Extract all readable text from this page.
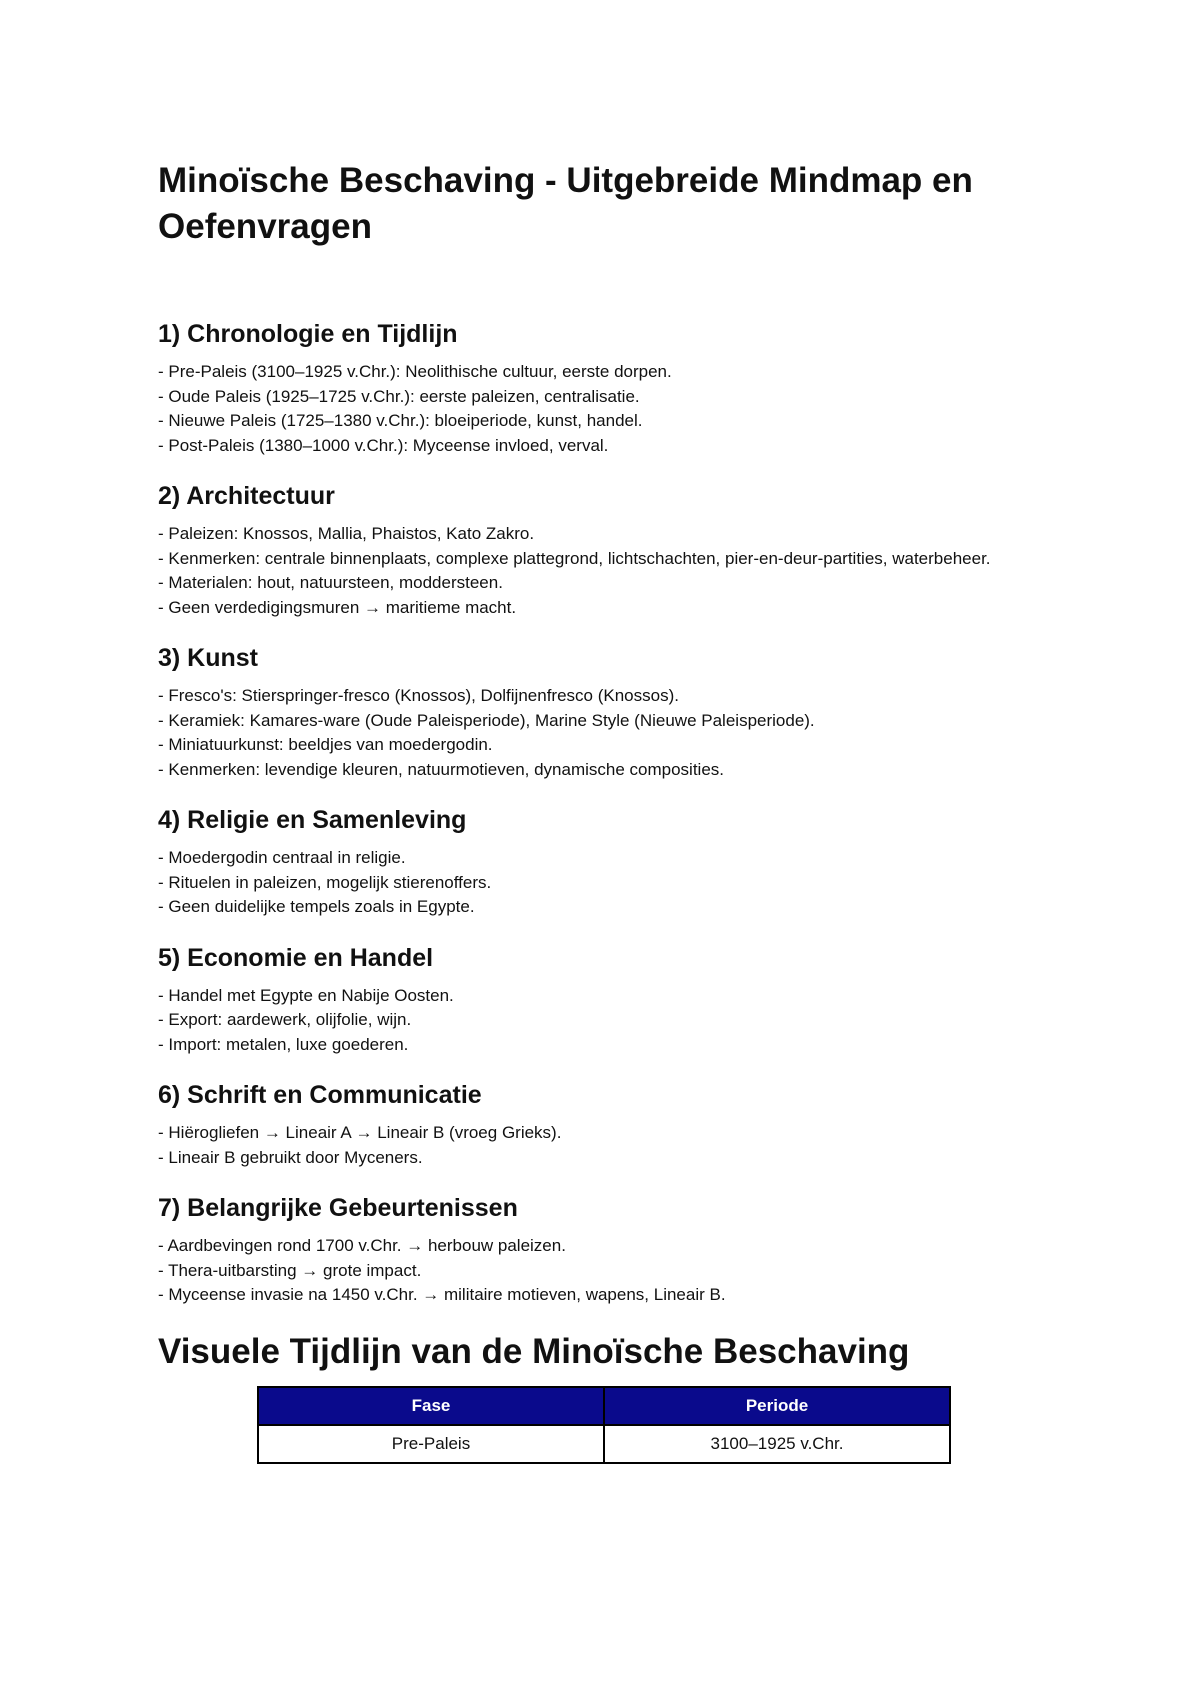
Minoïsche Beschaving - Uitgebreide Mindmap en Oefenvragen
1) Chronologie en Tijdlijn

- Pre-Paleis (3100–1925 v.Chr.): Neolithische cultuur, eerste dorpen.

- Oude Paleis (1925–1725 v.Chr.): eerste paleizen, centralisatie.

- Nieuwe Paleis (1725–1380 v.Chr.): bloeiperiode, kunst, handel.

- Post-Paleis (1380–1000 v.Chr.): Myceense invloed, verval.

2) Architectuur

- Paleizen: Knossos, Mallia, Phaistos, Kato Zakro.

- Kenmerken: centrale binnenplaats, complexe plattegrond, lichtschachten, pier-en-deur-partities, waterbeheer.

- Materialen: hout, natuursteen, moddersteen.

- Geen verdedigingsmuren → maritieme macht.

3) Kunst

- Fresco's: Stierspringer-fresco (Knossos), Dolfijnenfresco (Knossos).

- Keramiek: Kamares-ware (Oude Paleisperiode), Marine Style (Nieuwe Paleisperiode).

- Miniatuurkunst: beeldjes van moedergodin.

- Kenmerken: levendige kleuren, natuurmotieven, dynamische composities.

4) Religie en Samenleving

- Moedergodin centraal in religie.

- Rituelen in paleizen, mogelijk stierenoffers.

- Geen duidelijke tempels zoals in Egypte.

5) Economie en Handel

- Handel met Egypte en Nabije Oosten.

- Export: aardewerk, olijfolie, wijn.

- Import: metalen, luxe goederen.

6) Schrift en Communicatie

- Hiërogliefen → Lineair A → Lineair B (vroeg Grieks).

- Lineair B gebruikt door Myceners.

7) Belangrijke Gebeurtenissen

- Aardbevingen rond 1700 v.Chr. → herbouw paleizen.

- Thera-uitbarsting → grote impact.

- Myceense invasie na 1450 v.Chr. → militaire motieven, wapens, Lineair B.

Visuele Tijdlijn van de Minoïsche Beschaving
Fase	Periode
Pre-Paleis	3100–1925 v.Chr.
